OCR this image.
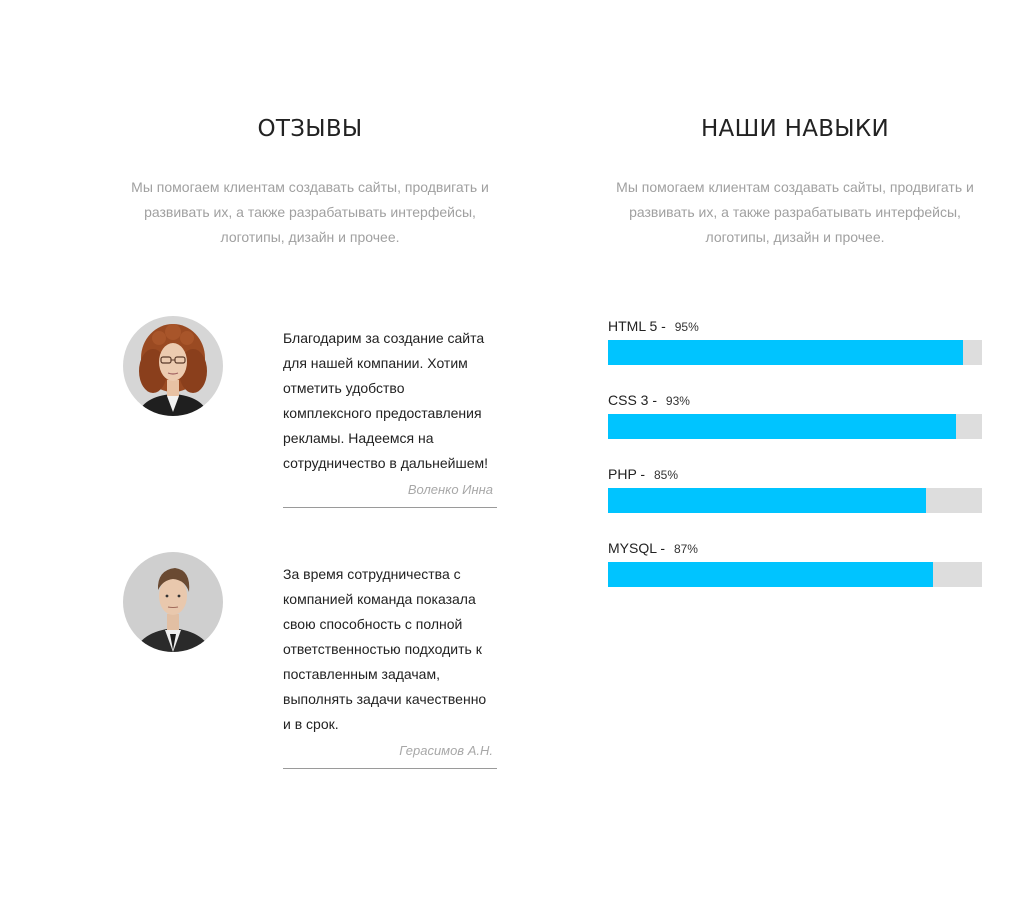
ОТЗЫВЫ

Мы помогаем клиентам создавать сайты, продвигать и развивать их, а также разрабатывать интерфейсы, логотипы, дизайн и прочее.

Благодарим за создание сайта для нашей компании. Хотим отметить удобство комплексного предоставления рекламы. Надеемся на сотрудничество в дальнейшем!

Воленко Инна

За время сотрудничества с компанией команда показала свою способность с полной ответственностью подходить к поставленным задачам, выполнять задачи качественно и в срок.

Герасимов А.Н.
НАШИ НАВЫКИ

Мы помогаем клиентам создавать сайты, продвигать и развивать их, а также разрабатывать интерфейсы, логотипы, дизайн и прочее.

HTML 5 - 95%
CSS 3 - 93%
PHP - 85%
MYSQL - 87%
